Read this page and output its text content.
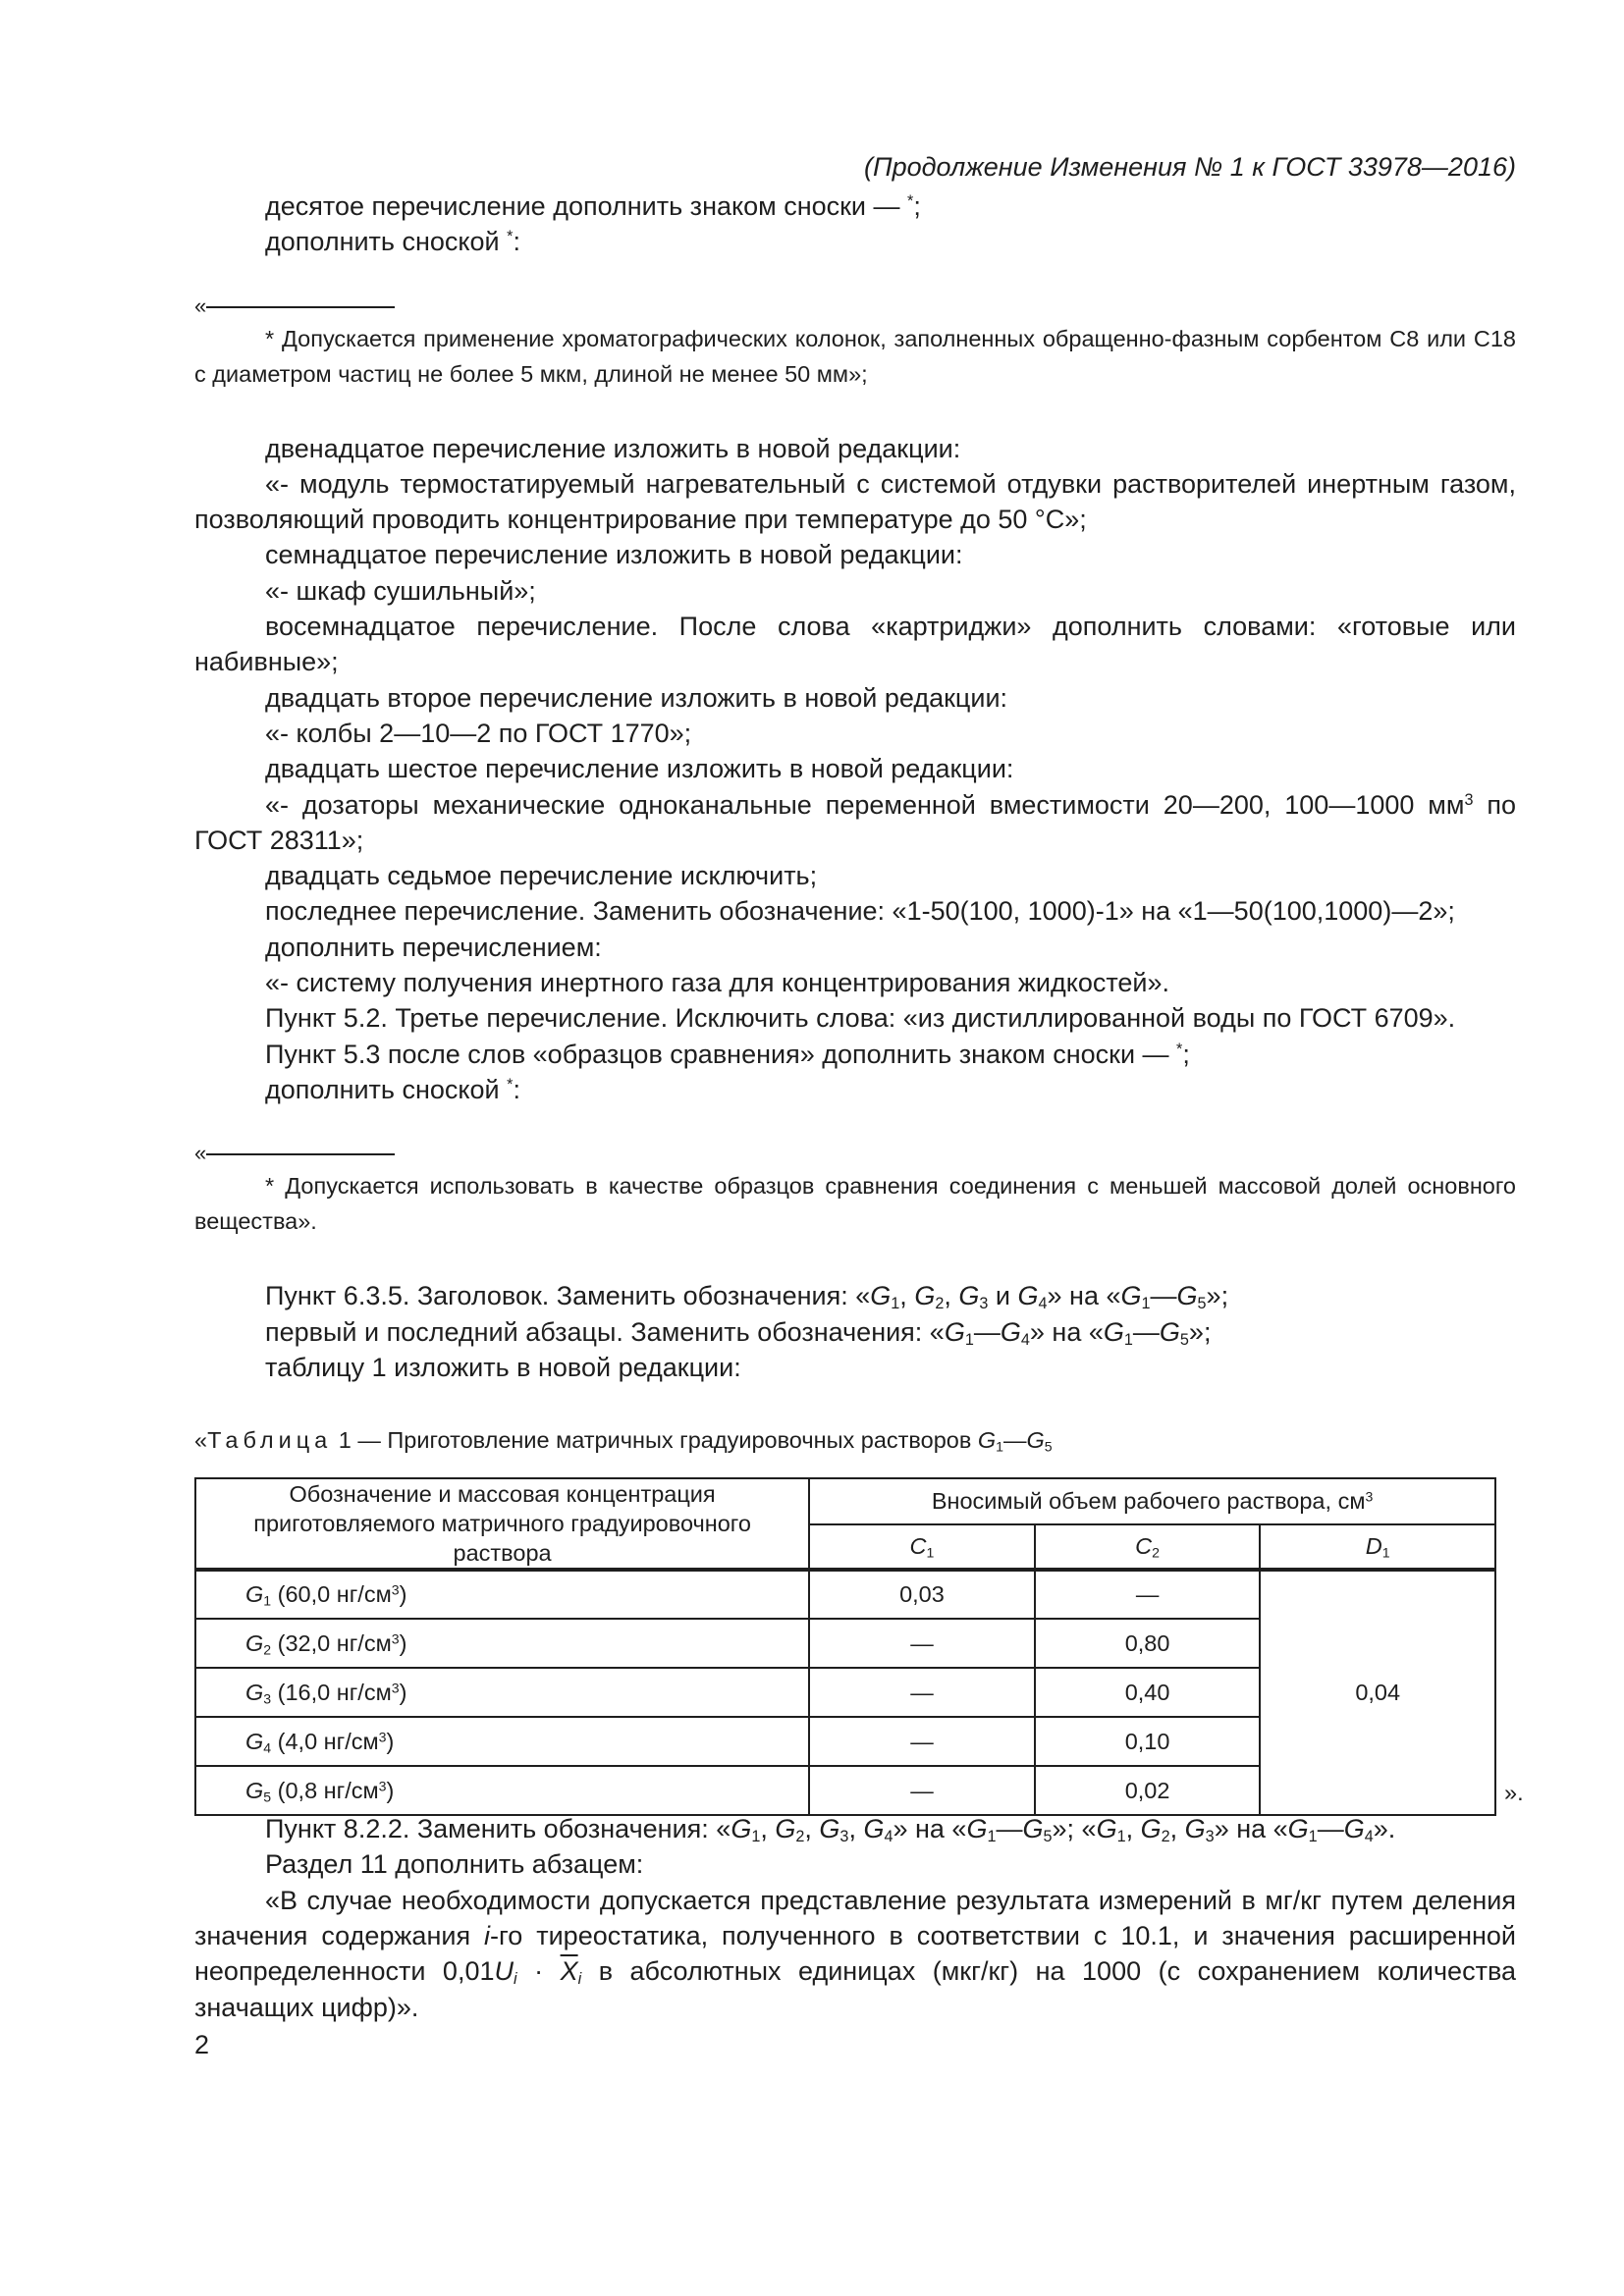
(Продолжение Изменения № 1 к ГОСТ 33978—2016)

десятое перечисление дополнить знаком сноски — *;

дополнить сноской *:

«

* Допускается применение хроматографических колонок, заполненных обращенно-фазным сорбентом С8 или С18 с диаметром частиц не более 5 мкм, длиной не менее 50 мм»;

двенадцатое перечисление изложить в новой редакции:

«- модуль термостатируемый нагревательный с системой отдувки растворителей инертным газом, позволяющий проводить концентрирование при температуре до 50 °С»;

семнадцатое перечисление изложить в новой редакции:

«- шкаф сушильный»;

восемнадцатое перечисление. После слова «картриджи» дополнить словами: «готовые или набивные»;

двадцать второе перечисление изложить в новой редакции:

«- колбы 2—10—2 по ГОСТ 1770»;

двадцать шестое перечисление изложить в новой редакции:

«- дозаторы механические одноканальные переменной вместимости 20—200, 100—1000 $мм^3$ по ГОСТ 28311»;

двадцать седьмое перечисление исключить;

последнее перечисление. Заменить обозначение: «1-50(100, 1000)-1» на «1—50(100,1000)—2»;

дополнить перечислением:

«- систему получения инертного газа для концентрирования жидкостей».

Пункт 5.2. Третье перечисление. Исключить слова: «из дистиллированной воды по ГОСТ 6709».

Пункт 5.3 после слов «образцов сравнения» дополнить знаком сноски — *;

дополнить сноской *:

«

* Допускается использовать в качестве образцов сравнения соединения с меньшей массовой долей основного вещества».

Пункт 6.3.5. Заголовок. Заменить обозначения: «$G_1$, $G_2$, $G_3$ и $G_4$» на «$G_1—G_5$»;

первый и последний абзацы. Заменить обозначения: «$G_1—G_4$» на «$G_1—G_5$»;

таблицу 1 изложить в новой редакции:

«Таблица 1 — Приготовление матричных градуировочных растворов $G_1—G_5$
Обозначение и массовая концентрация приготовляемого матричного градуировочного раствора	Вносимый объем рабочего раствора, $см^3$
	$С_1$	$С_2$	$D_1$
$G_1$ (60,0 $нг/см^3$)	0,03	—	0,04
$G_2$ (32,0 $нг/см^3$)	—	0,80	
$G_3$ (16,0 $нг/см^3$)	—	0,40	
$G_4$ (4,0 $нг/см^3$)	—	0,10	
$G_5$ (0,8 $нг/см^3$)	—	0,02		».

Пункт 8.2.2. Заменить обозначения: «$G_1$, $G_2$, $G_3$, $G_4$» на «$G_1—G_5$»; «$G_1$, $G_2$, $G_3$» на «$G_1—G_4$».

Раздел 11 дополнить абзацем:

«В случае необходимости допускается представление результата измерений в мг/кг путем деления значения содержания i-го тиреостатика, полученного в соответствии с 10.1, и значения расширенной неопределенности $0,01U_i \cdot \overline{X}_i$ в абсолютных единицах (мкг/кг) на 1000 (с сохранением количества значащих цифр)».

2
